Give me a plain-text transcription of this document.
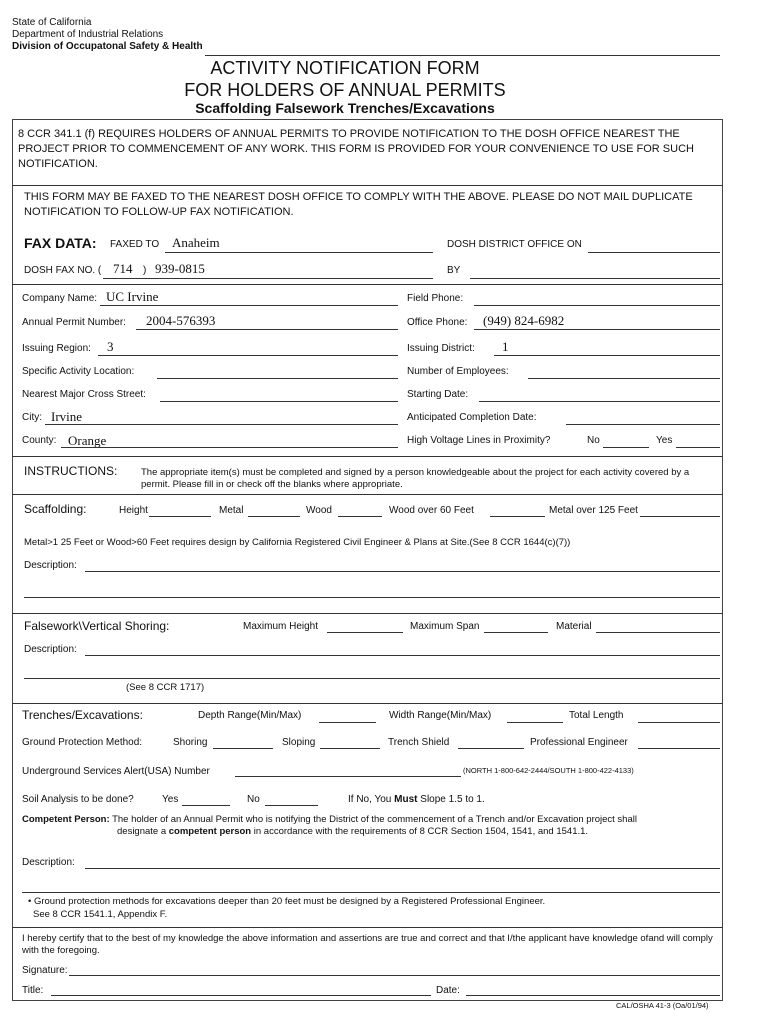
State of California
Department of Industrial Relations
Division of Occupatonal Safety & Health
ACTIVITY NOTIFICATION FORM
FOR HOLDERS OF ANNUAL PERMITS
Scaffolding Falsework Trenches/Excavations
8 CCR 341.1 (f) REQUIRES HOLDERS OF ANNUAL PERMITS TO PROVIDE NOTIFICATION TO THE DOSH OFFICE NEAREST THE PROJECT PRIOR TO COMMENCEMENT OF ANY WORK. THIS FORM IS PROVIDED FOR YOUR CONVENIENCE TO USE FOR SUCH NOTIFICATION.
THIS FORM MAY BE FAXED TO THE NEAREST DOSH OFFICE TO COMPLY WITH THE ABOVE. PLEASE DO NOT MAIL DUPLICATE NOTIFICATION TO FOLLOW-UP FAX NOTIFICATION.
FAX DATA: FAXED TO Anaheim	DOSH DISTRICT OFFICE ON
DOSH FAX NO. ( 714 ) 939-0815	BY
Company Name: UC Irvine	Field Phone:
Annual Permit Number: 2004-576393	Office Phone: (949) 824-6982
Issuing Region: 3	Issuing District: 1
Specific Activity Location:	Number of Employees:
Nearest Major Cross Street:	Starting Date:
City: Irvine	Anticipated Completion Date:
County: Orange	High Voltage Lines in Proximity?	No	Yes
INSTRUCTIONS: The appropriate item(s) must be completed and signed by a person knowledgeable about the project for each activity covered by a permit. Please fill in or check off the blanks where appropriate.
Scaffolding:	Height	Metal	Wood	Wood over 60 Feet	Metal over 125 Feet
Metal>1 25 Feet or Wood>60 Feet requires design by California Registered Civil Engineer & Plans at Site.(See 8 CCR 1644(c)(7))
Description:
Falsework\Vertical Shoring:	Maximum Height	Maximum Span	Material
Description:
(See 8 CCR 1717)
Trenches/Excavations:	Depth Range(Min/Max)	Width Range(Min/Max)	Total Length
Ground Protection Method:	Shoring	Sloping	Trench Shield	Professional Engineer
Underground Services Alert(USA) Number	(NORTH 1-800-642-2444/SOUTH 1-800-422-4133)
Soil Analysis to be done?	Yes	No	If No, You Must Slope 1.5 to 1.
Competent Person: The holder of an Annual Permit who is notifying the District of the commencement of a Trench and/or Excavation project shall
designate a competent person in accordance with the requirements of 8 CCR Section 1504, 1541, and 1541.1.
Description:
• Ground protection methods for excavations deeper than 20 feet must be designed by a Registered Professional Engineer.
See 8 CCR 1541.1, Appendix F.
I hereby certify that to the best of my knowledge the above information and assertions are true and correct and that I/the applicant have knowledge ofand will comply with the foregoing.
Signature:
Title:	Date:
CAL/OSHA 41-3 (Oa/01/94)
